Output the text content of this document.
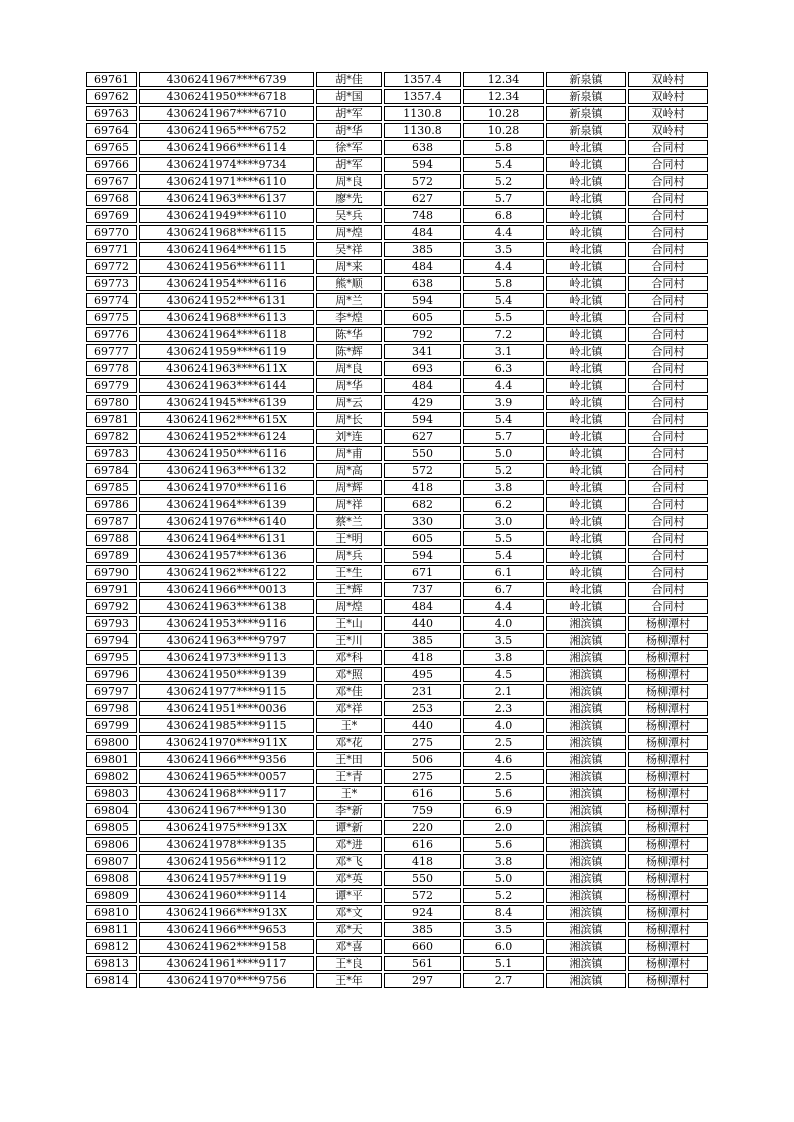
69761	4306241967****6739	胡*佳	1357.4	12.34	新泉镇	双岭村
69762	4306241950****6718	胡*国	1357.4	12.34	新泉镇	双岭村
69763	4306241967****6710	胡*军	1130.8	10.28	新泉镇	双岭村
69764	4306241965****6752	胡*华	1130.8	10.28	新泉镇	双岭村
69765	4306241966****6114	徐*军	638	5.8	岭北镇	合同村
69766	4306241974****9734	胡*军	594	5.4	岭北镇	合同村
69767	4306241971****6110	周*良	572	5.2	岭北镇	合同村
69768	4306241963****6137	廖*先	627	5.7	岭北镇	合同村
69769	4306241949****6110	吴*兵	748	6.8	岭北镇	合同村
69770	4306241968****6115	周*煌	484	4.4	岭北镇	合同村
69771	4306241964****6115	吴*祥	385	3.5	岭北镇	合同村
69772	4306241956****6111	周*来	484	4.4	岭北镇	合同村
69773	4306241954****6116	熊*顺	638	5.8	岭北镇	合同村
69774	4306241952****6131	周*兰	594	5.4	岭北镇	合同村
69775	4306241968****6113	李*煌	605	5.5	岭北镇	合同村
69776	4306241964****6118	陈*华	792	7.2	岭北镇	合同村
69777	4306241959****6119	陈*辉	341	3.1	岭北镇	合同村
69778	4306241963****611X	周*良	693	6.3	岭北镇	合同村
69779	4306241963****6144	周*华	484	4.4	岭北镇	合同村
69780	4306241945****6139	周*云	429	3.9	岭北镇	合同村
69781	4306241962****615X	周*长	594	5.4	岭北镇	合同村
69782	4306241952****6124	刘*连	627	5.7	岭北镇	合同村
69783	4306241950****6116	周*甫	550	5.0	岭北镇	合同村
69784	4306241963****6132	周*高	572	5.2	岭北镇	合同村
69785	4306241970****6116	周*辉	418	3.8	岭北镇	合同村
69786	4306241964****6139	周*祥	682	6.2	岭北镇	合同村
69787	4306241976****6140	蔡*兰	330	3.0	岭北镇	合同村
69788	4306241964****6131	王*明	605	5.5	岭北镇	合同村
69789	4306241957****6136	周*兵	594	5.4	岭北镇	合同村
69790	4306241962****6122	王*生	671	6.1	岭北镇	合同村
69791	4306241966****0013	王*辉	737	6.7	岭北镇	合同村
69792	4306241963****6138	周*煌	484	4.4	岭北镇	合同村
69793	4306241953****9116	王*山	440	4.0	湘滨镇	杨柳潭村
69794	4306241963****9797	王*川	385	3.5	湘滨镇	杨柳潭村
69795	4306241973****9113	邓*科	418	3.8	湘滨镇	杨柳潭村
69796	4306241950****9139	邓*照	495	4.5	湘滨镇	杨柳潭村
69797	4306241977****9115	邓*佳	231	2.1	湘滨镇	杨柳潭村
69798	4306241951****0036	邓*祥	253	2.3	湘滨镇	杨柳潭村
69799	4306241985****9115	王*	440	4.0	湘滨镇	杨柳潭村
69800	4306241970****911X	邓*花	275	2.5	湘滨镇	杨柳潭村
69801	4306241966****9356	王*田	506	4.6	湘滨镇	杨柳潭村
69802	4306241965****0057	王*青	275	2.5	湘滨镇	杨柳潭村
69803	4306241968****9117	王*	616	5.6	湘滨镇	杨柳潭村
69804	4306241967****9130	李*新	759	6.9	湘滨镇	杨柳潭村
69805	4306241975****913X	谭*新	220	2.0	湘滨镇	杨柳潭村
69806	4306241978****9135	邓*进	616	5.6	湘滨镇	杨柳潭村
69807	4306241956****9112	邓*飞	418	3.8	湘滨镇	杨柳潭村
69808	4306241957****9119	邓*英	550	5.0	湘滨镇	杨柳潭村
69809	4306241960****9114	谭*平	572	5.2	湘滨镇	杨柳潭村
69810	4306241966****913X	邓*文	924	8.4	湘滨镇	杨柳潭村
69811	4306241966****9653	邓*天	385	3.5	湘滨镇	杨柳潭村
69812	4306241962****9158	邓*喜	660	6.0	湘滨镇	杨柳潭村
69813	4306241961****9117	王*良	561	5.1	湘滨镇	杨柳潭村
69814	4306241970****9756	王*年	297	2.7	湘滨镇	杨柳潭村
